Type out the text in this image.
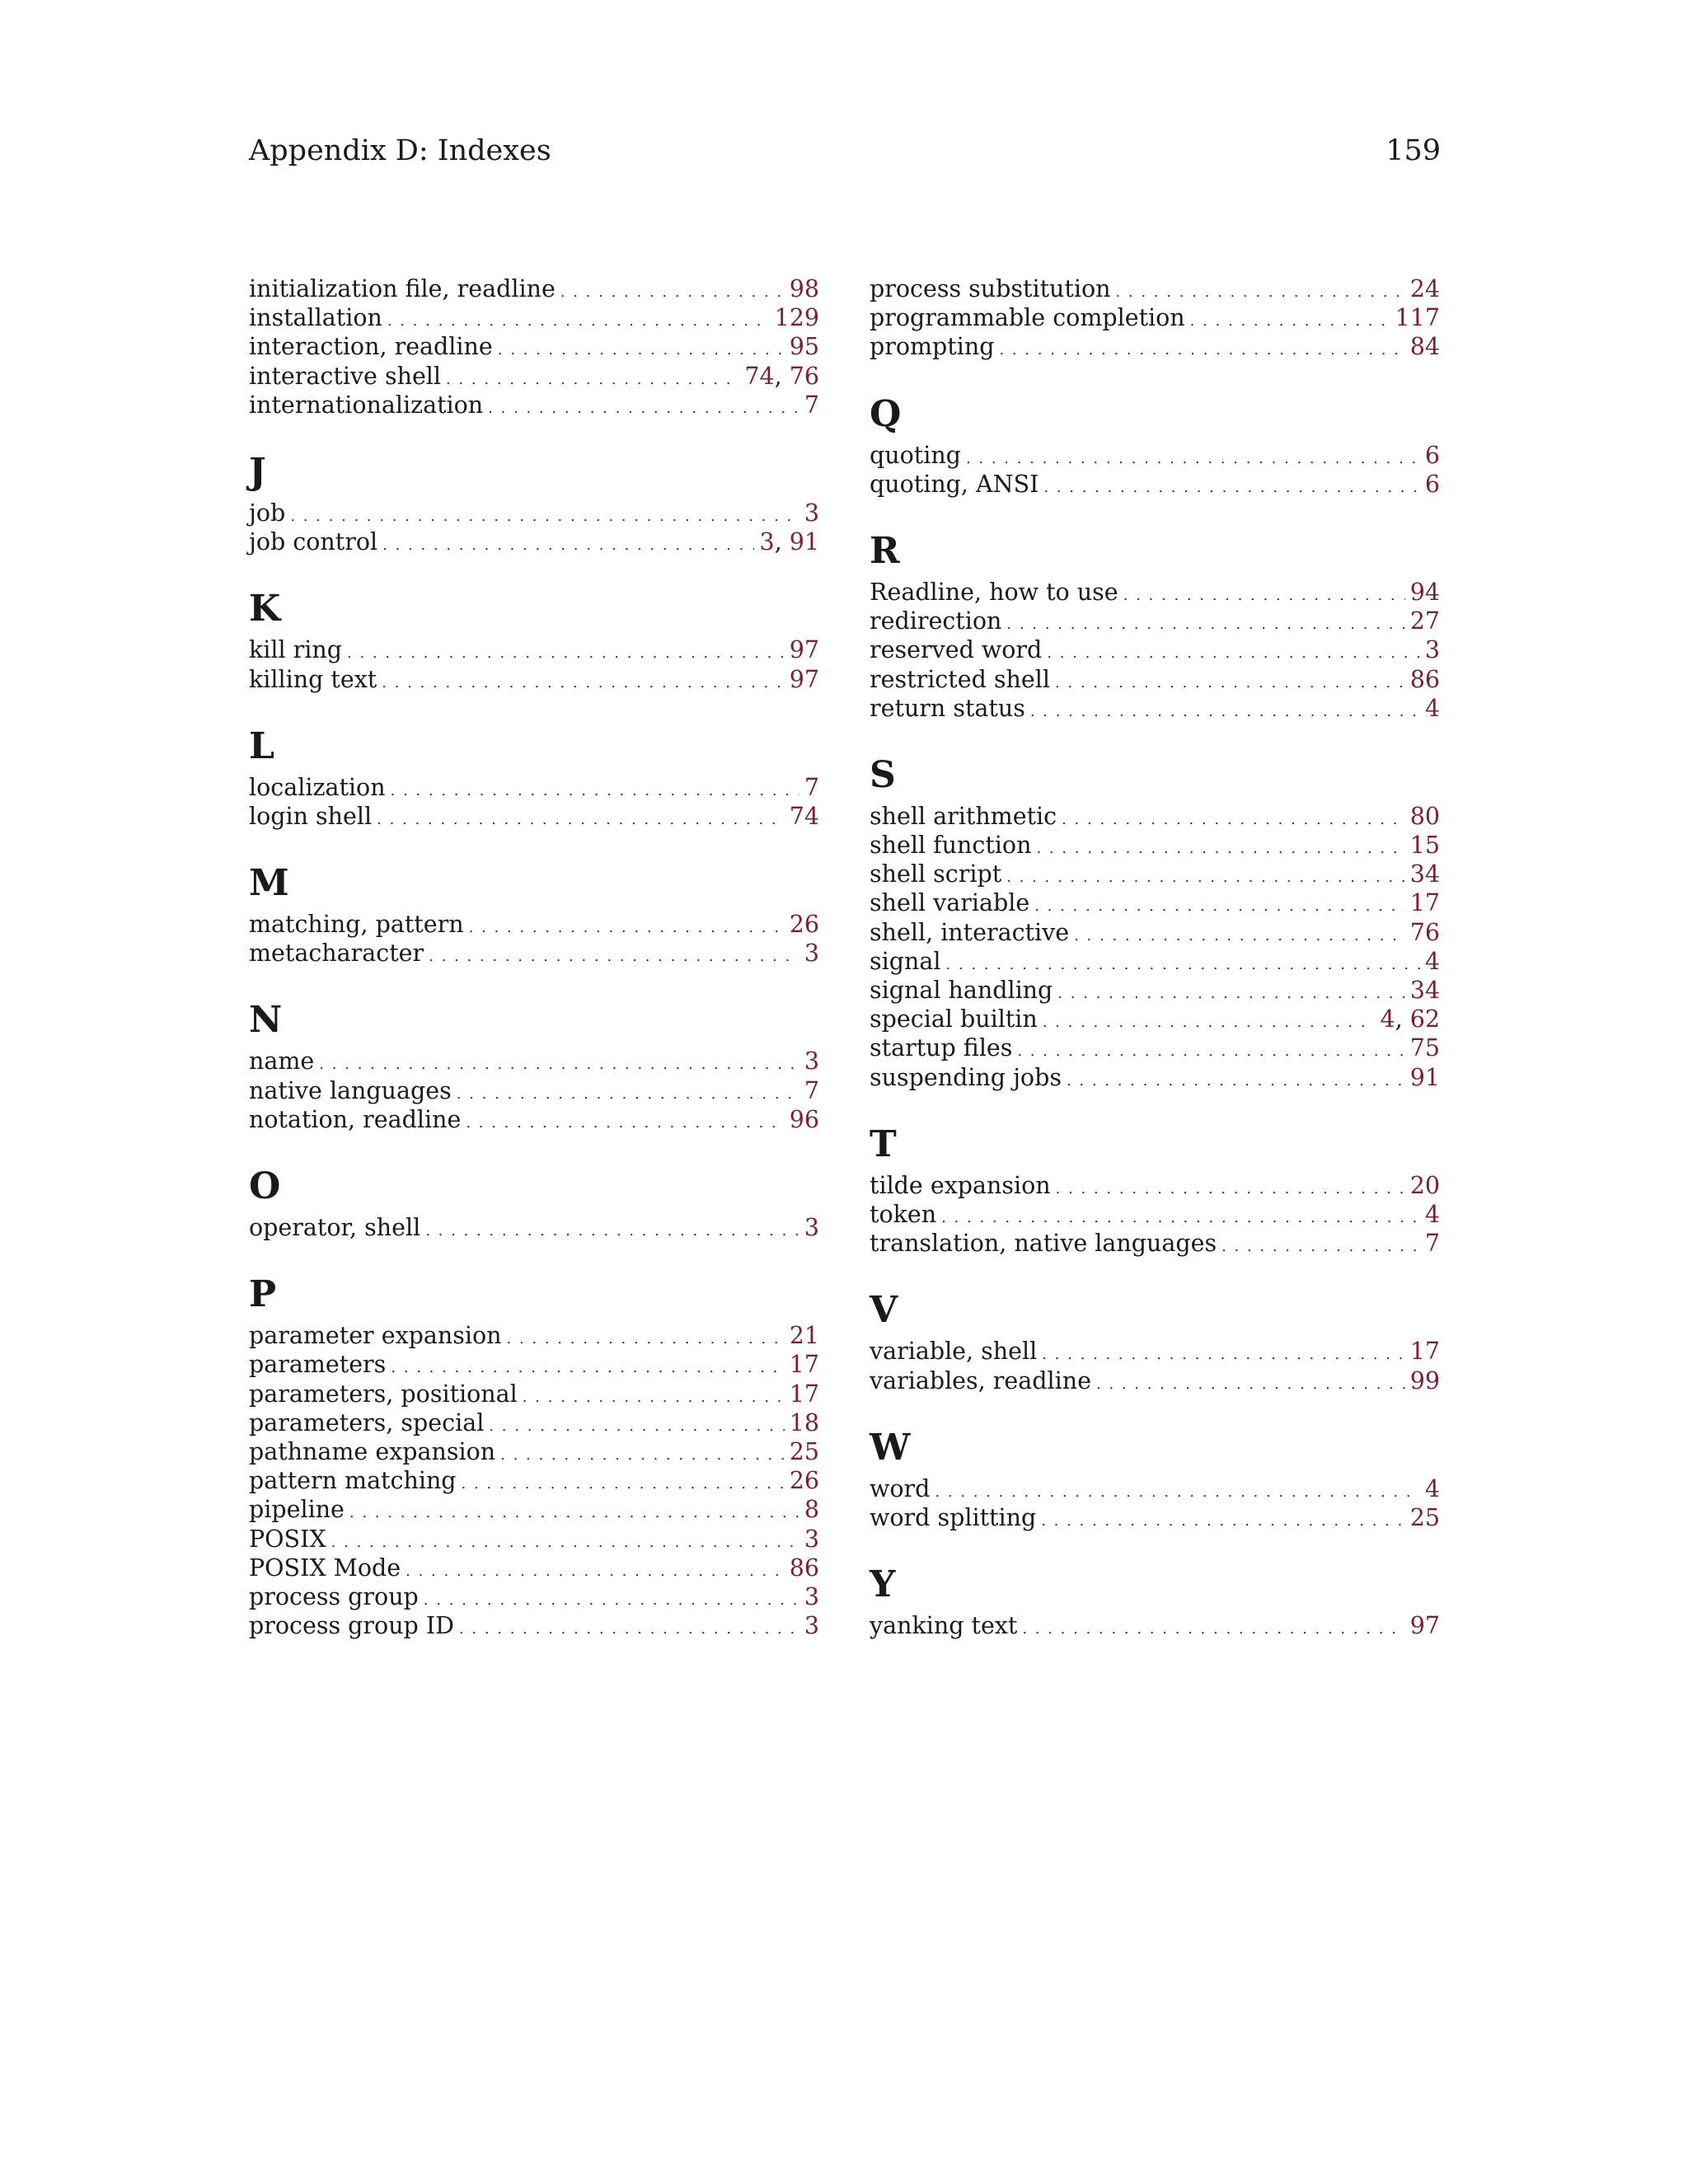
Appendix D: Indexes	159
initialization file, readline . . .	98
installation . . .	129
interaction, readline . . .	95
interactive shell . . .	74, 76
internationalization . . .	7
J
job . . .	3
job control . . .	3, 91
K
kill ring . . .	97
killing text . . .	97
L
localization . . .	7
login shell . . .	74
M
matching, pattern . . .	26
metacharacter . . .	3
N
name . . .	3
native languages . . .	7
notation, readline . . .	96
O
operator, shell . . .	3
P
parameter expansion . . .	21
parameters . . .	17
parameters, positional . . .	17
parameters, special . . .	18
pathname expansion . . .	25
pattern matching . . .	26
pipeline . . .	8
POSIX . . .	3
POSIX Mode . . .	86
process group . . .	3
process group ID . . .	3
process substitution . . .	24
programmable completion . . .	117
prompting . . .	84
Q
quoting . . .	6
quoting, ANSI . . .	6
R
Readline, how to use . . .	94
redirection . . .	27
reserved word . . .	3
restricted shell . . .	86
return status . . .	4
S
shell arithmetic . . .	80
shell function . . .	15
shell script . . .	34
shell variable . . .	17
shell, interactive . . .	76
signal . . .	4
signal handling . . .	34
special builtin . . .	4, 62
startup files . . .	75
suspending jobs . . .	91
T
tilde expansion . . .	20
token . . .	4
translation, native languages . . .	7
V
variable, shell . . .	17
variables, readline . . .	99
W
word . . .	4
word splitting . . .	25
Y
yanking text . . .	97
